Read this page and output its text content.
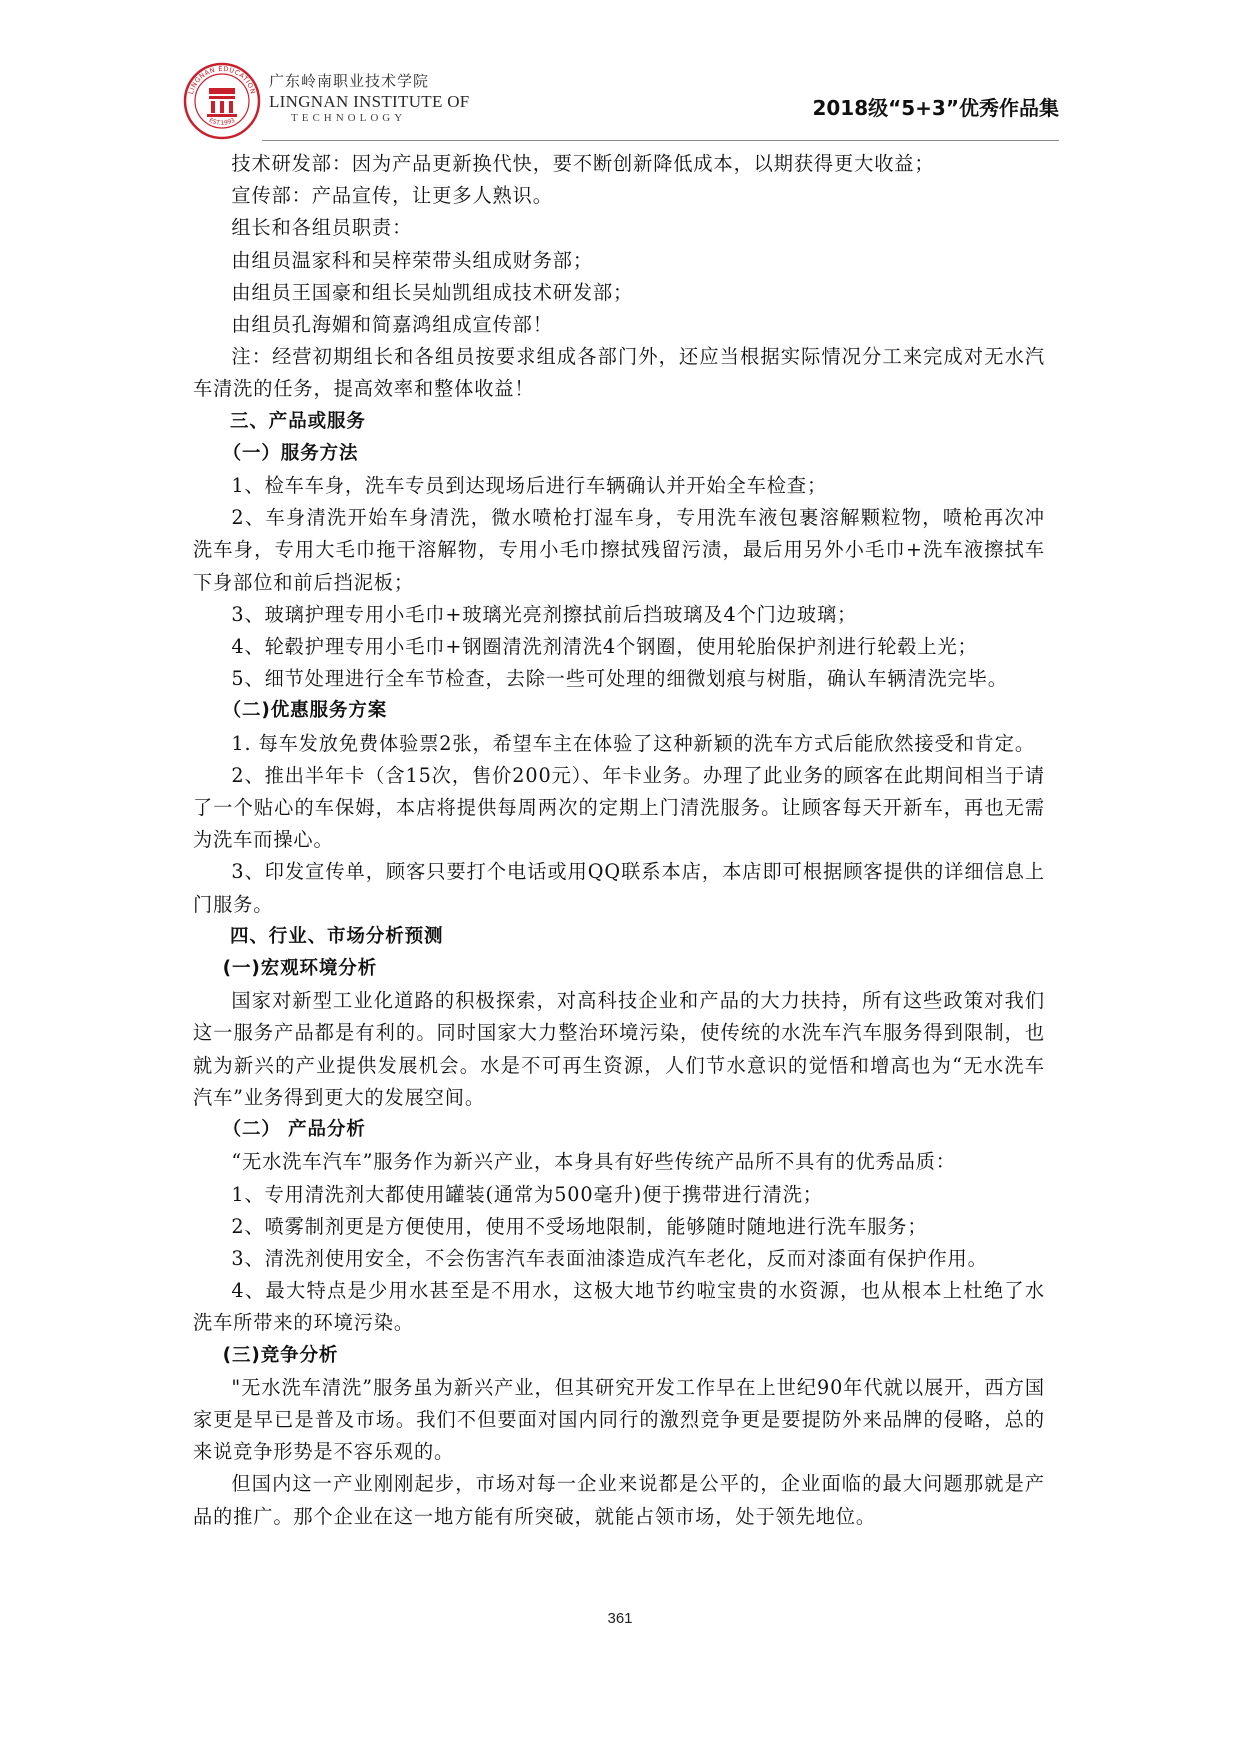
LINGNAN EDUCATION
EST.1993
广东岭南职业技术学院
LINGNAN INSTITUTE OF
TECHNOLOGY	2018级“5+3”优秀作品集

技术研发部：因为产品更新换代快，要不断创新降低成本，以期获得更大收益；

宣传部：产品宣传，让更多人熟识。

组长和各组员职责：

由组员温家科和吴梓荣带头组成财务部；

由组员王国豪和组长吴灿凯组成技术研发部；

由组员孔海媚和简嘉鸿组成宣传部！

注：经营初期组长和各组员按要求组成各部门外，还应当根据实际情况分工来完成对无水汽车清洗的任务，提高效率和整体收益！

三、产品或服务

（一）服务方法

1、检车车身，洗车专员到达现场后进行车辆确认并开始全车检查；

2、车身清洗开始车身清洗，微水喷枪打湿车身，专用洗车液包裹溶解颗粒物，喷枪再次冲洗车身，专用大毛巾拖干溶解物，专用小毛巾擦拭残留污渍，最后用另外小毛巾+洗车液擦拭车下身部位和前后挡泥板；

3、玻璃护理专用小毛巾+玻璃光亮剂擦拭前后挡玻璃及4个门边玻璃；

4、轮毂护理专用小毛巾+钢圈清洗剂清洗4个钢圈，使用轮胎保护剂进行轮毂上光；

5、细节处理进行全车节检查，去除一些可处理的细微划痕与树脂，确认车辆清洗完毕。

（二)优惠服务方案

1. 每车发放免费体验票2张，希望车主在体验了这种新颖的洗车方式后能欣然接受和肯定。

2、推出半年卡（含15次，售价200元）、年卡业务。办理了此业务的顾客在此期间相当于请了一个贴心的车保姆，本店将提供每周两次的定期上门清洗服务。让顾客每天开新车，再也无需为洗车而操心。

3、印发宣传单，顾客只要打个电话或用QQ联系本店，本店即可根据顾客提供的详细信息上门服务。

四、行业、市场分析预测

(一)宏观环境分析

国家对新型工业化道路的积极探索，对高科技企业和产品的大力扶持，所有这些政策对我们这一服务产品都是有利的。同时国家大力整治环境污染，使传统的水洗车汽车服务得到限制，也就为新兴的产业提供发展机会。水是不可再生资源，人们节水意识的觉悟和增高也为“无水洗车汽车”业务得到更大的发展空间。

（二） 产品分析

“无水洗车汽车”服务作为新兴产业，本身具有好些传统产品所不具有的优秀品质：

1、专用清洗剂大都使用罐装(通常为500毫升)便于携带进行清洗；

2、喷雾制剂更是方便使用，使用不受场地限制，能够随时随地进行洗车服务；

3、清洗剂使用安全，不会伤害汽车表面油漆造成汽车老化，反而对漆面有保护作用。

4、最大特点是少用水甚至是不用水，这极大地节约啦宝贵的水资源，也从根本上杜绝了水洗车所带来的环境污染。

(三)竞争分析

"无水洗车清洗”服务虽为新兴产业，但其研究开发工作早在上世纪90年代就以展开，西方国家更是早已是普及市场。我们不但要面对国内同行的激烈竞争更是要提防外来品牌的侵略，总的来说竞争形势是不容乐观的。

但国内这一产业刚刚起步，市场对每一企业来说都是公平的，企业面临的最大问题那就是产品的推广。那个企业在这一地方能有所突破，就能占领市场，处于领先地位。

361
